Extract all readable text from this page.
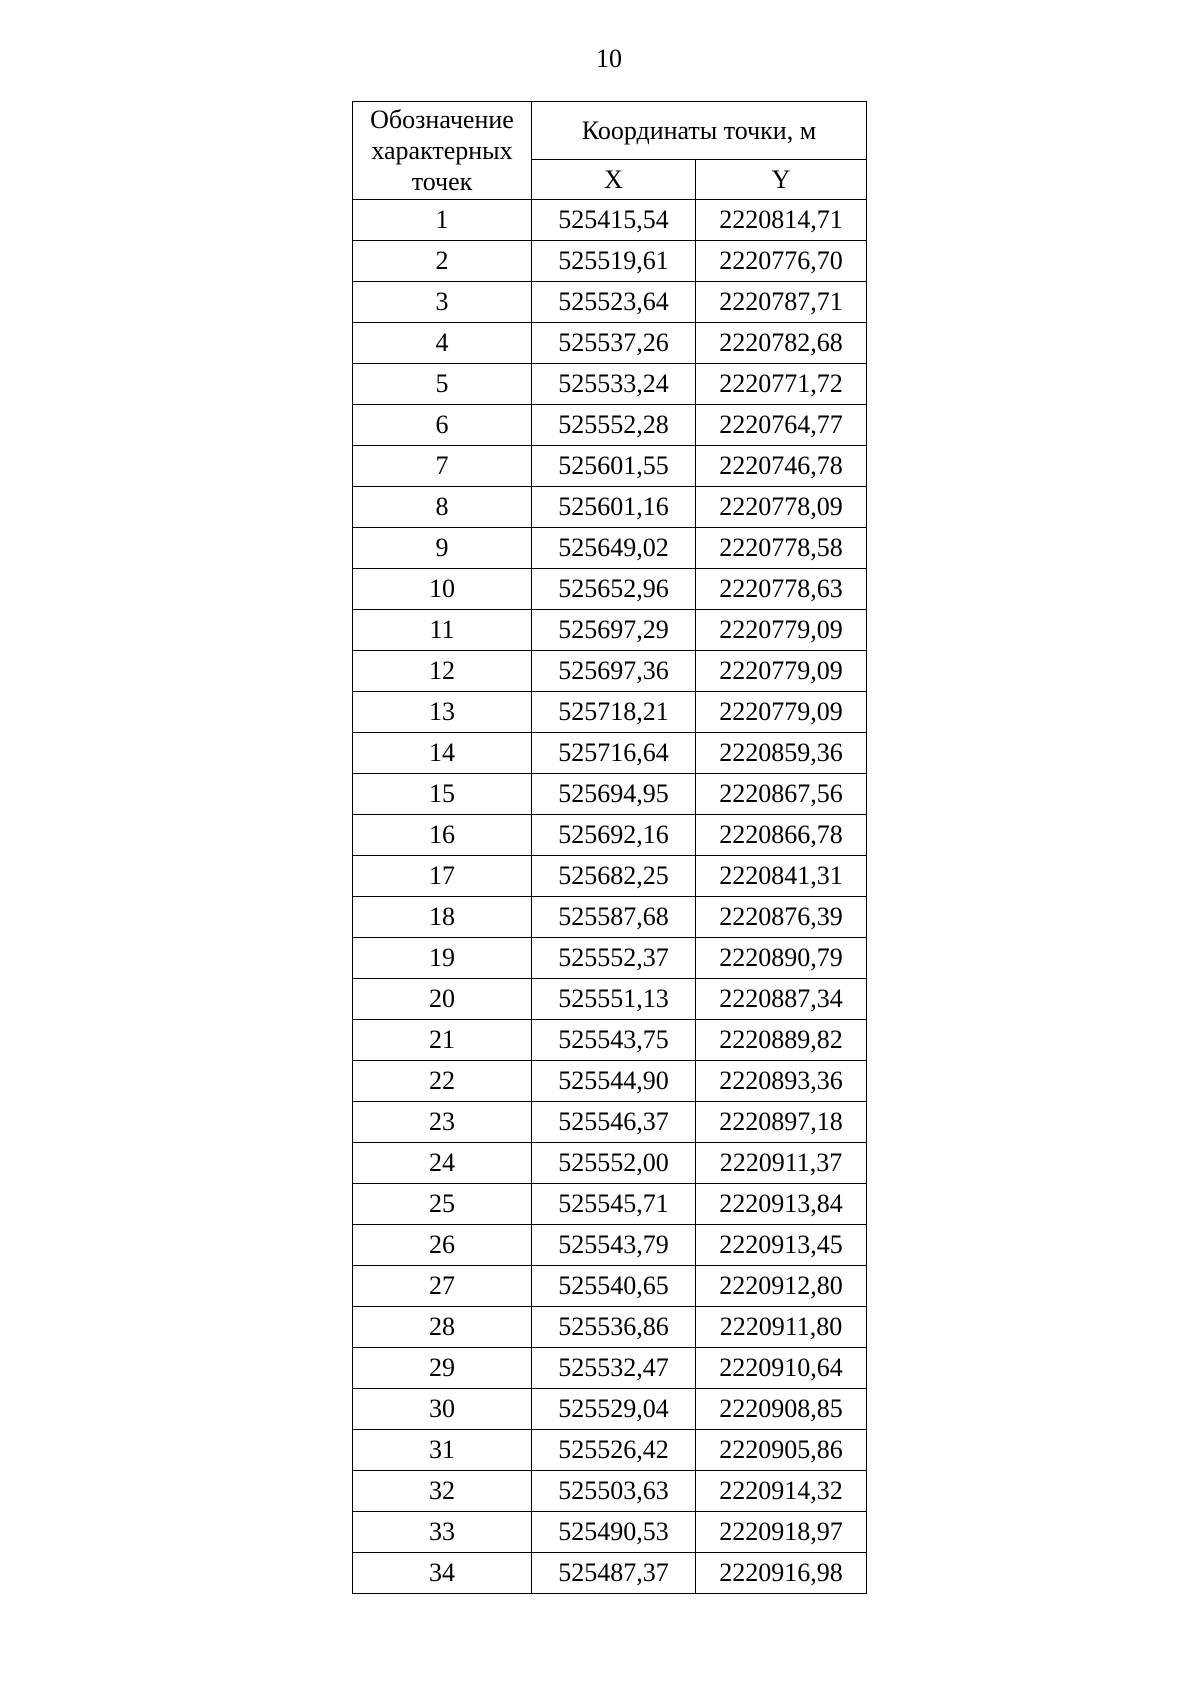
10
Обозначение характерных точек	Координаты точки, м	
	X	Y
1	525415,54	2220814,71
2	525519,61	2220776,70
3	525523,64	2220787,71
4	525537,26	2220782,68
5	525533,24	2220771,72
6	525552,28	2220764,77
7	525601,55	2220746,78
8	525601,16	2220778,09
9	525649,02	2220778,58
10	525652,96	2220778,63
11	525697,29	2220779,09
12	525697,36	2220779,09
13	525718,21	2220779,09
14	525716,64	2220859,36
15	525694,95	2220867,56
16	525692,16	2220866,78
17	525682,25	2220841,31
18	525587,68	2220876,39
19	525552,37	2220890,79
20	525551,13	2220887,34
21	525543,75	2220889,82
22	525544,90	2220893,36
23	525546,37	2220897,18
24	525552,00	2220911,37
25	525545,71	2220913,84
26	525543,79	2220913,45
27	525540,65	2220912,80
28	525536,86	2220911,80
29	525532,47	2220910,64
30	525529,04	2220908,85
31	525526,42	2220905,86
32	525503,63	2220914,32
33	525490,53	2220918,97
34	525487,37	2220916,98
